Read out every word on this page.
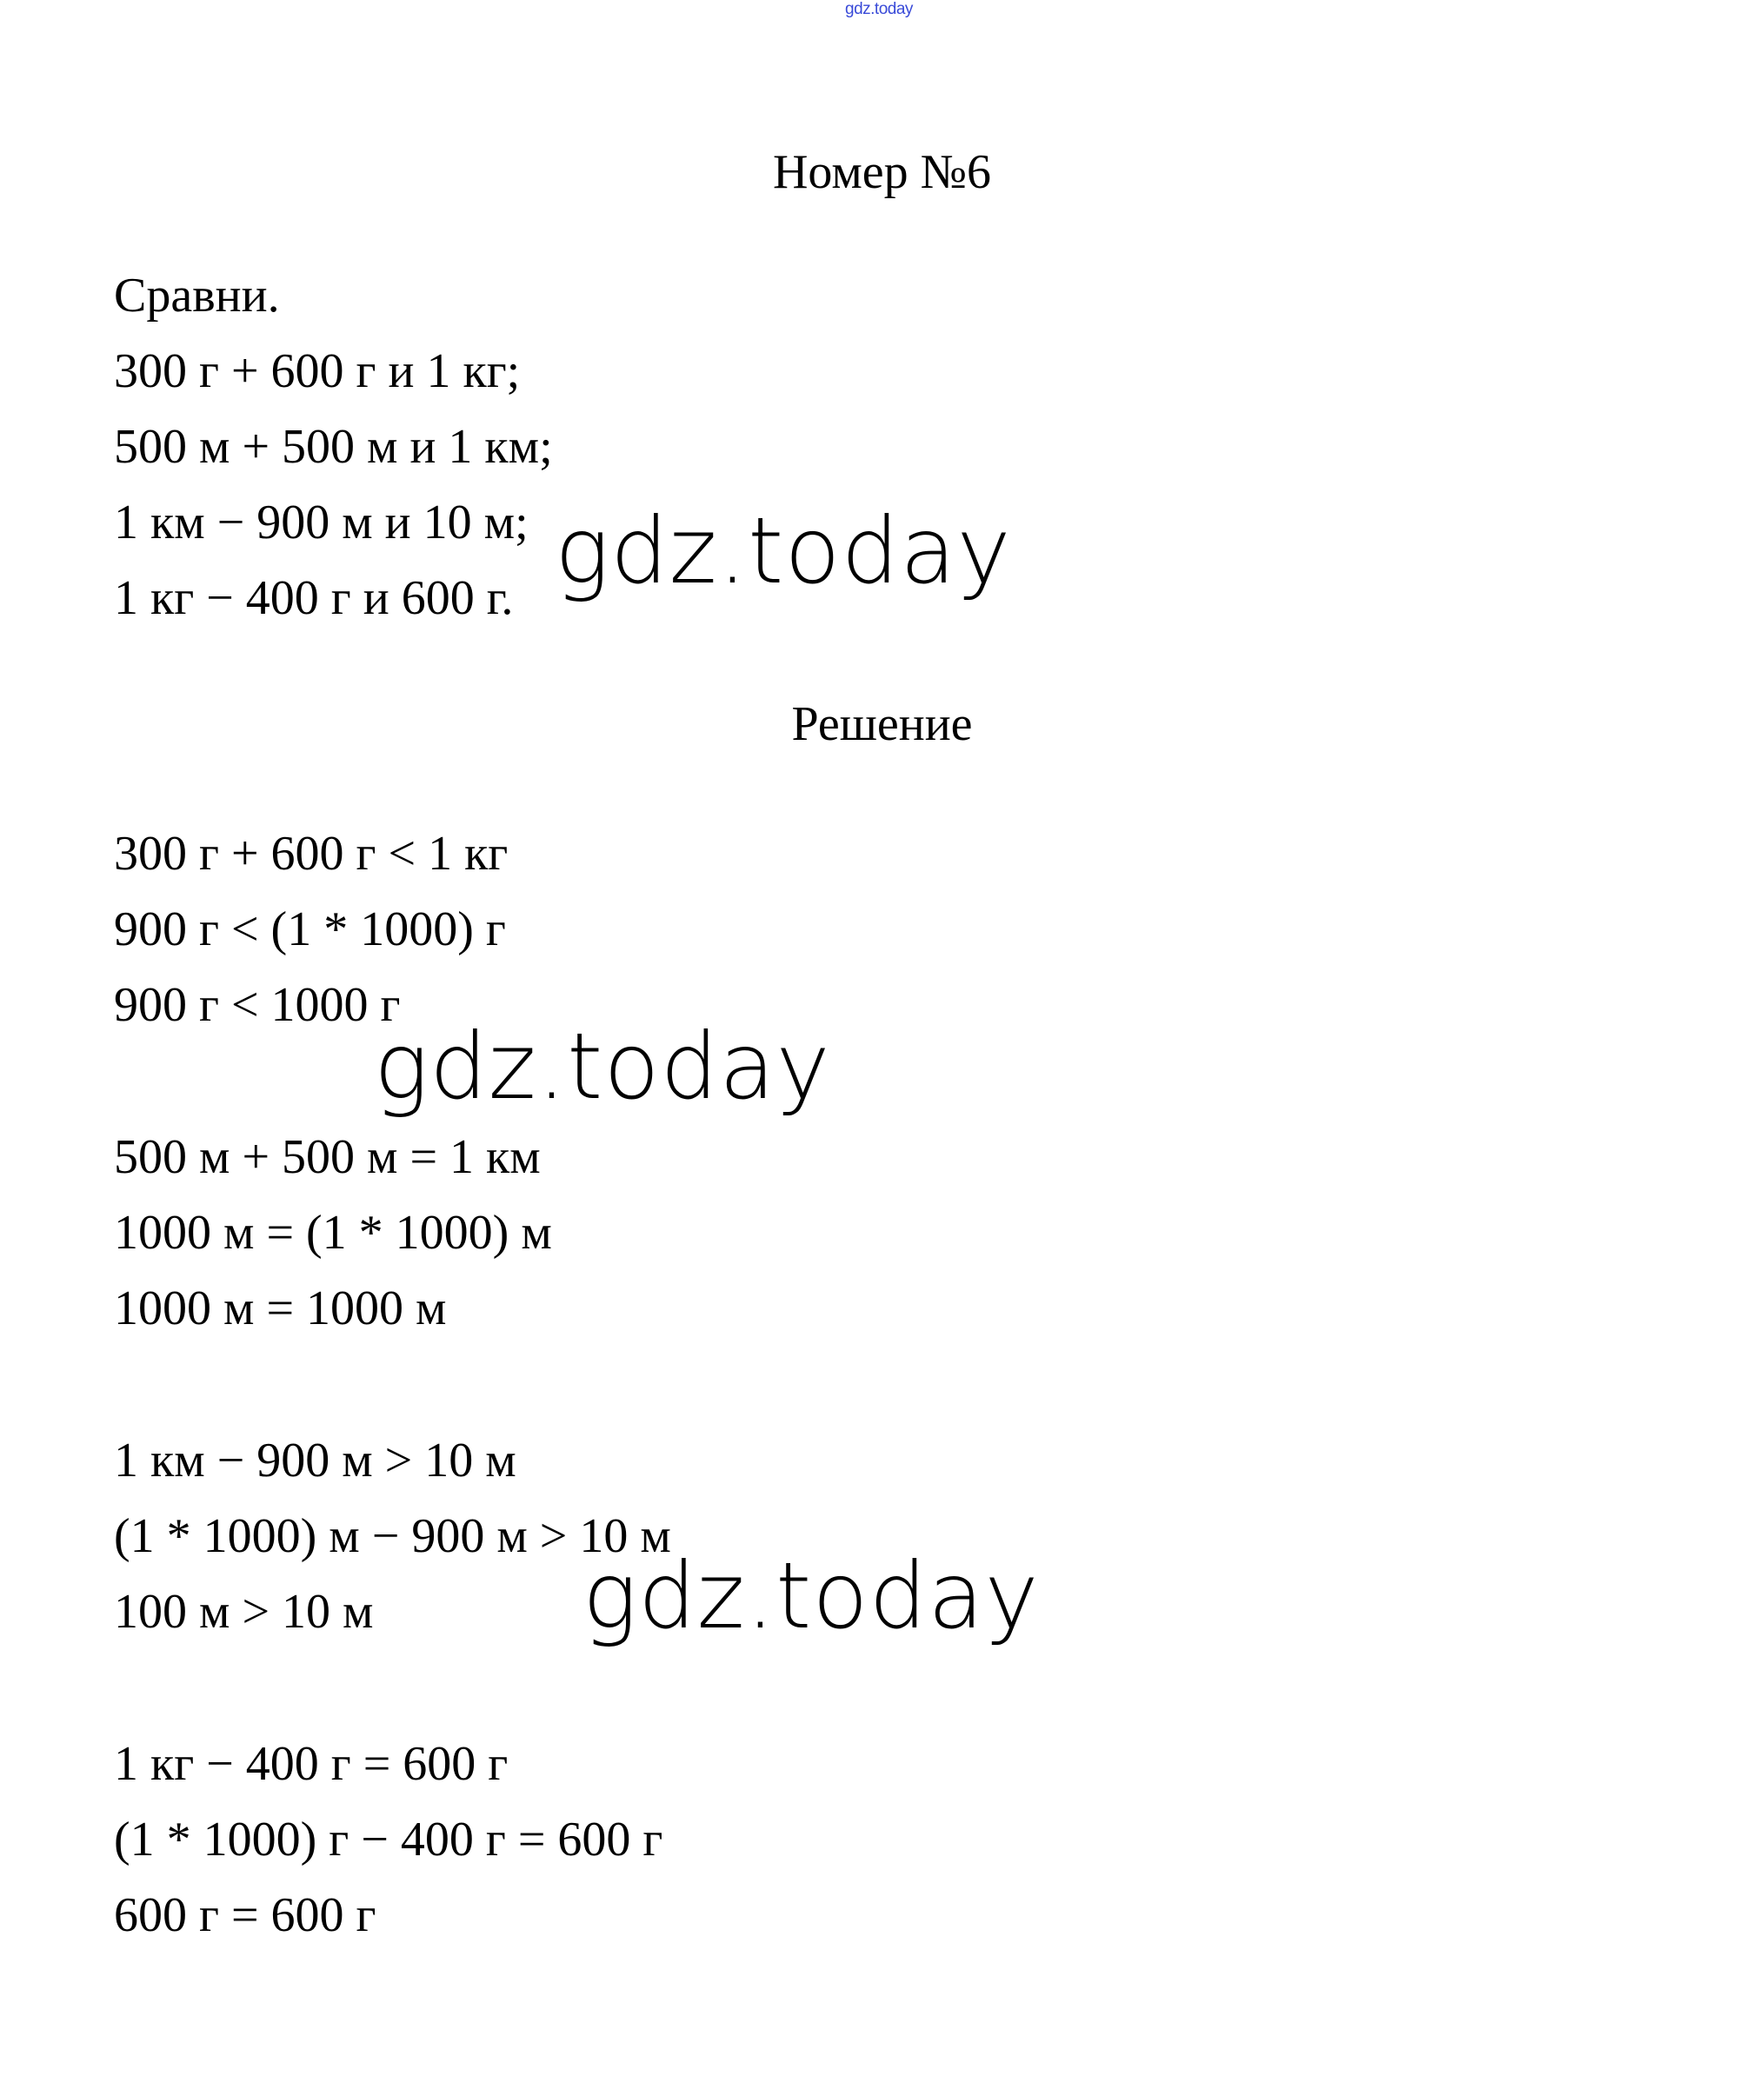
gdz.today
Номер №6
Сравни.
300 г + 600 г и 1 кг;
500 м + 500 м и 1 км;
1 км − 900 м и 10 м;
1 кг − 400 г и 600 г.
Решение
300 г + 600 г < 1 кг
900 г < (1 * 1000) г
900 г < 1000 г
500 м + 500 м = 1 км
1000 м = (1 * 1000) м
1000 м = 1000 м
1 км − 900 м > 10 м
(1 * 1000) м − 900 м > 10 м
100 м > 10 м
1 кг − 400 г = 600 г
(1 * 1000) г − 400 г = 600 г
600 г = 600 г
gdz.today
gdz.today
gdz.today
